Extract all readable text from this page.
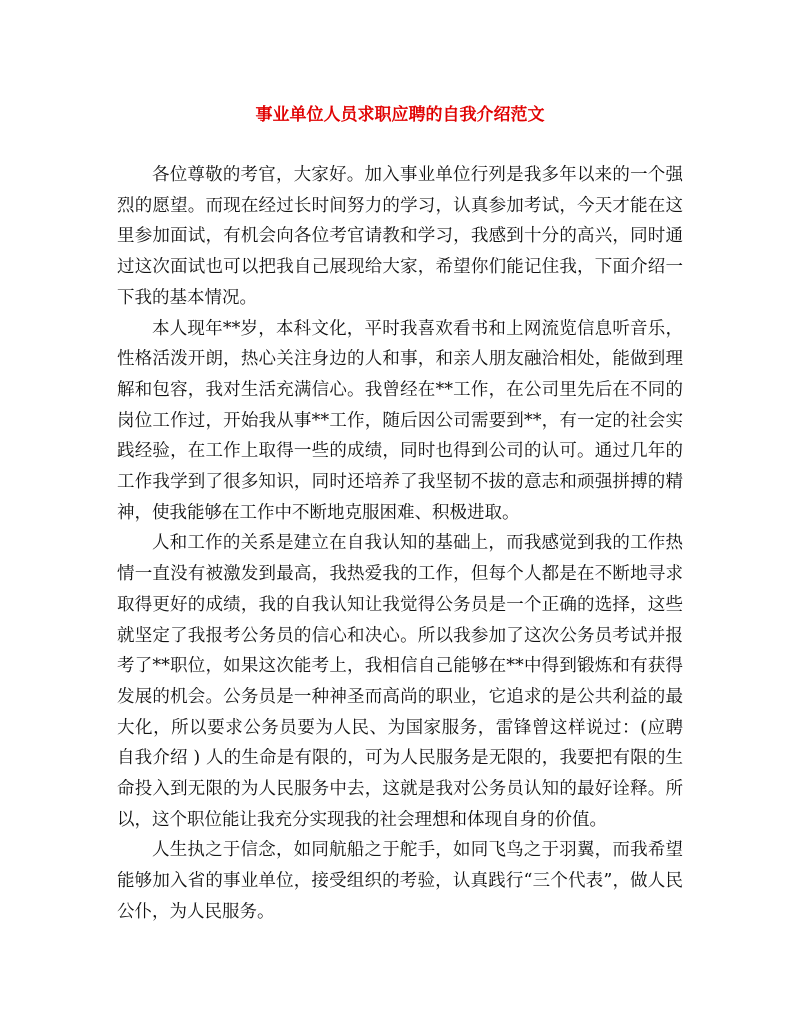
事业单位人员求职应聘的自我介绍范文

各位尊敬的考官，大家好。加入事业单位行列是我多年以来的一个强烈的愿望。而现在经过长时间努力的学习，认真参加考试，今天才能在这里参加面试，有机会向各位考官请教和学习，我感到十分的高兴，同时通过这次面试也可以把我自己展现给大家，希望你们能记住我，下面介绍一下我的基本情况。

本人现年**岁，本科文化，平时我喜欢看书和上网流览信息听音乐，性格活泼开朗，热心关注身边的人和事，和亲人朋友融洽相处，能做到理解和包容，我对生活充满信心。我曾经在**工作，在公司里先后在不同的岗位工作过，开始我从事**工作，随后因公司需要到**，有一定的社会实践经验，在工作上取得一些的成绩，同时也得到公司的认可。通过几年的工作我学到了很多知识，同时还培养了我坚韧不拔的意志和顽强拼搏的精神，使我能够在工作中不断地克服困难、积极进取。

人和工作的关系是建立在自我认知的基础上，而我感觉到我的工作热情一直没有被激发到最高，我热爱我的工作，但每个人都是在不断地寻求取得更好的成绩，我的自我认知让我觉得公务员是一个正确的选择，这些就坚定了我报考公务员的信心和决心。所以我参加了这次公务员考试并报考了**职位，如果这次能考上，我相信自己能够在**中得到锻炼和有获得发展的机会。公务员是一种神圣而高尚的职业，它追求的是公共利益的最大化，所以要求公务员要为人民、为国家服务，雷锋曾这样说过：(应聘自我介绍 ) 人的生命是有限的，可为人民服务是无限的，我要把有限的生命投入到无限的为人民服务中去，这就是我对公务员认知的最好诠释。所以，这个职位能让我充分实现我的社会理想和体现自身的价值。

人生执之于信念，如同航船之于舵手，如同飞鸟之于羽翼，而我希望能够加入省的事业单位，接受组织的考验，认真践行“三个代表”，做人民公仆，为人民服务。
